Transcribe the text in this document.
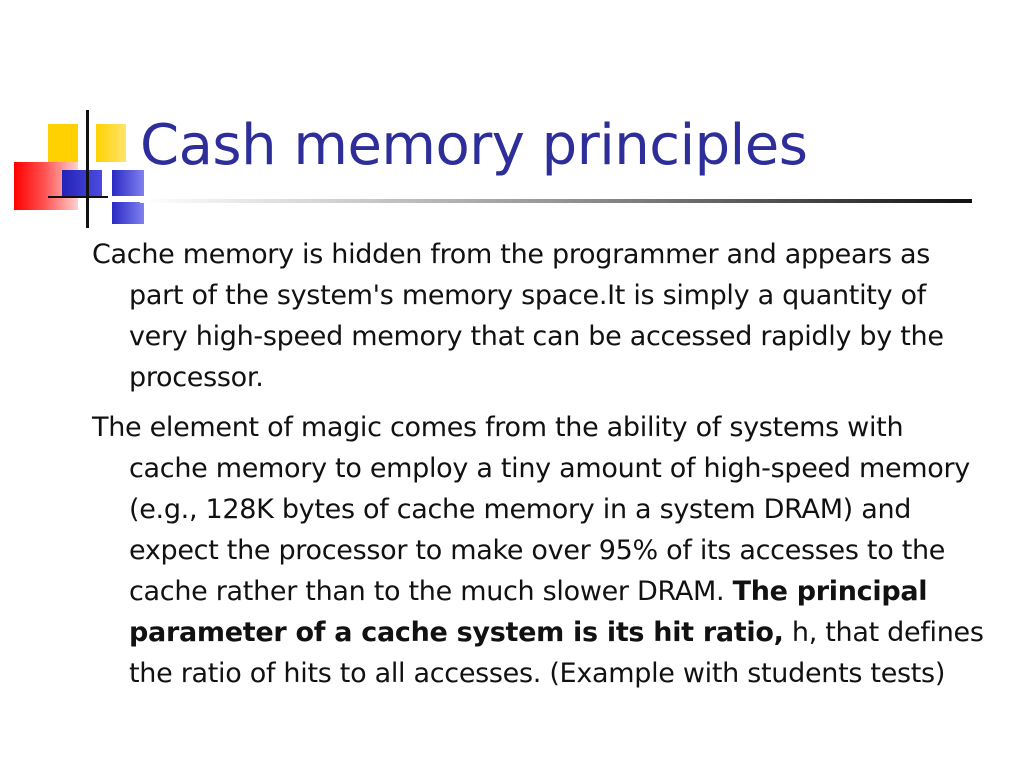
Cash memory principles

Cache memory is hidden from the programmer and appears as part of the system's memory space.It is simply a quantity of very high-speed memory that can be accessed rapidly by the processor.

The element of magic comes from the ability of systems with cache memory to employ a tiny amount of high-speed memory (e.g., 128K bytes of cache memory in a system DRAM) and expect the processor to make over 95% of its accesses to the cache rather than to the much slower DRAM. The principal parameter of a cache system is its hit ratio, h, that defines the ratio of hits to all accesses. (Example with students tests)
